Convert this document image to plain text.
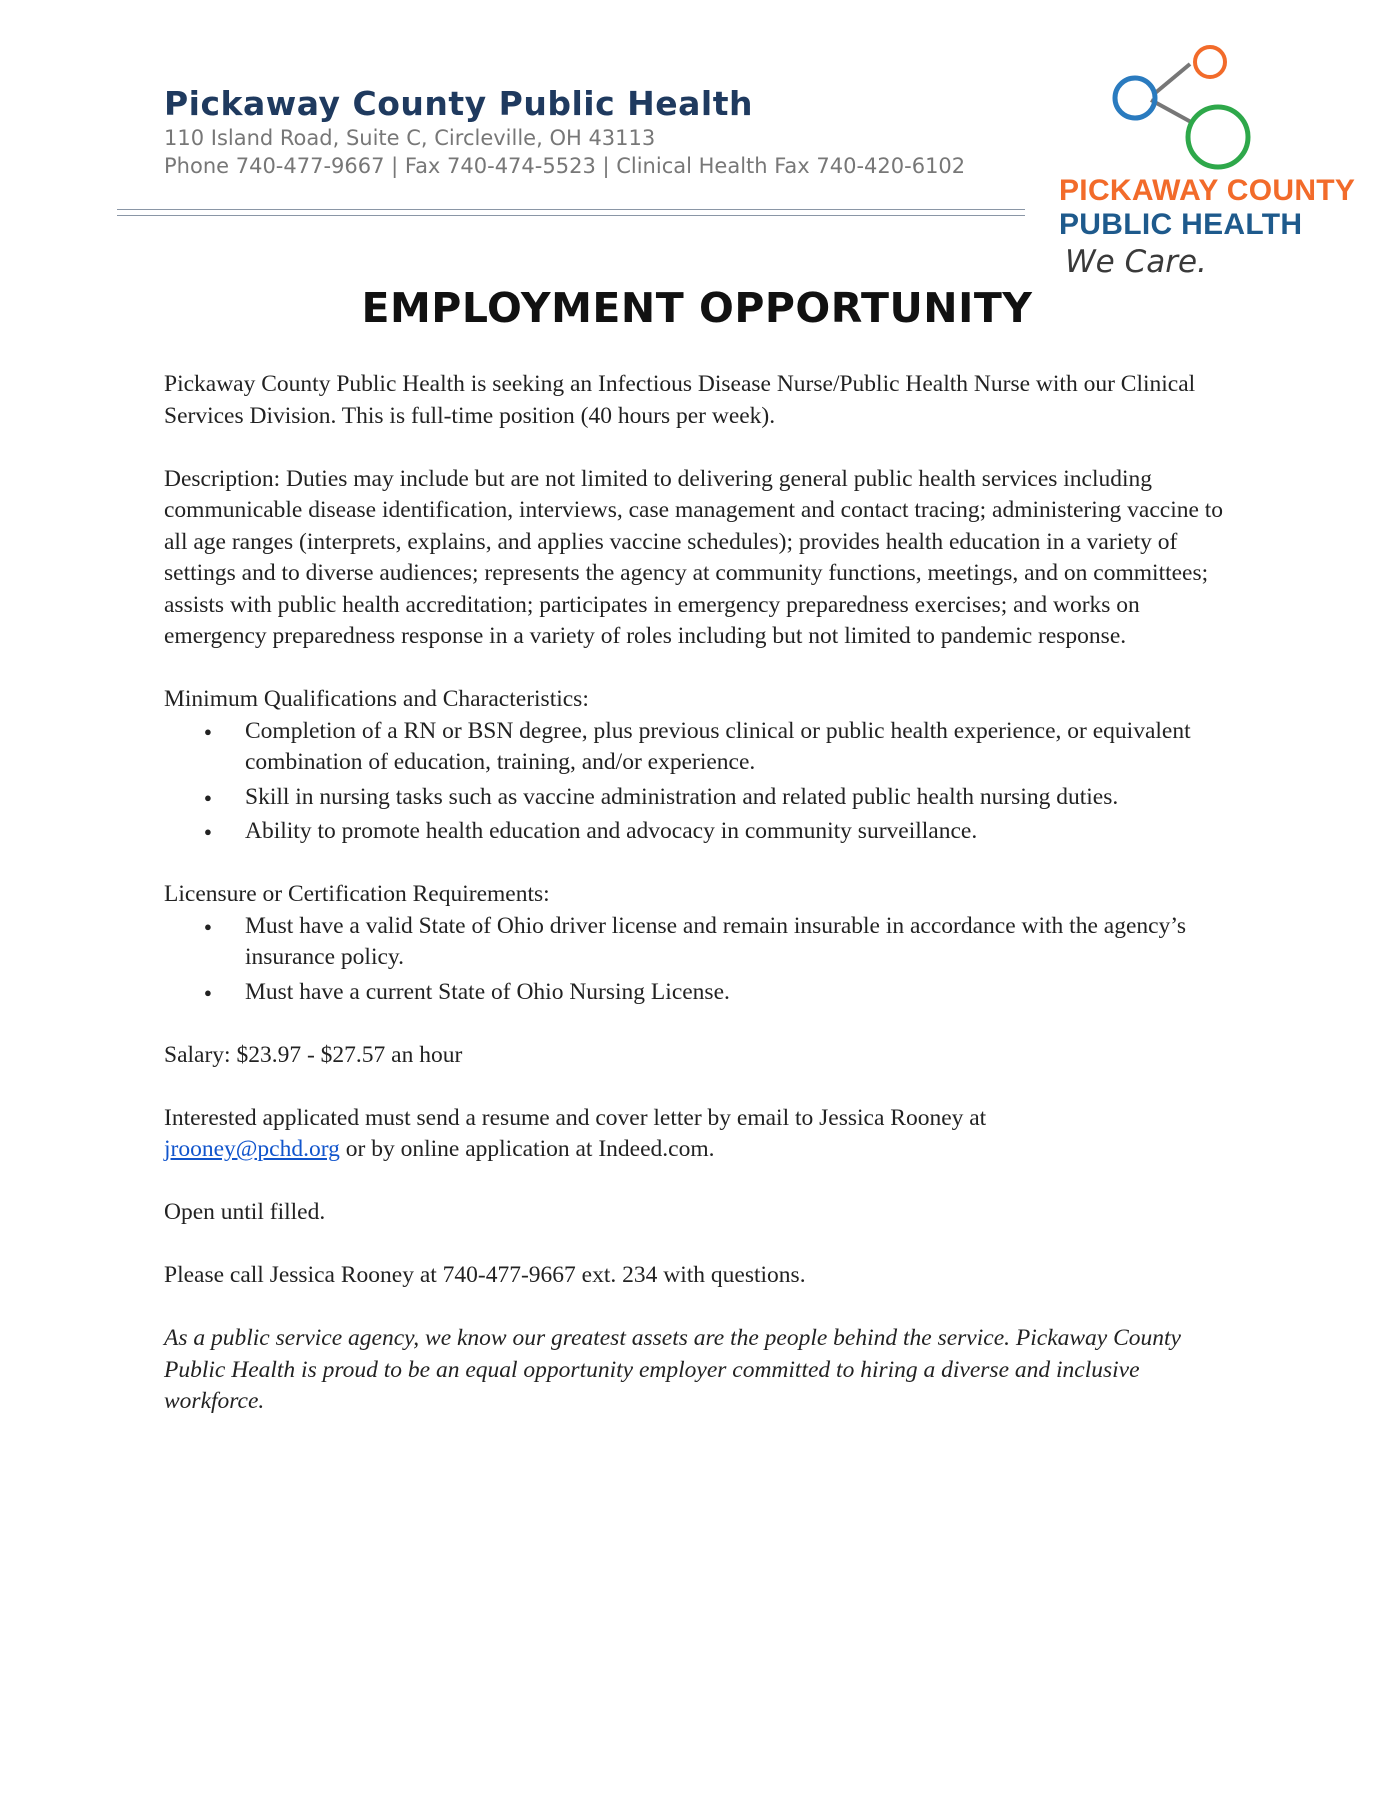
Pickaway County Public Health
110 Island Road, Suite C, Circleville, OH 43113
Phone 740-477-9667 | Fax 740-474-5523 | Clinical Health Fax 740-420-6102
PICKAWAY COUNTY
PUBLIC HEALTH
We Care.
EMPLOYMENT OPPORTUNITY

Pickaway County Public Health is seeking an Infectious Disease Nurse/Public Health Nurse with our Clinical Services Division. This is full-time position (40 hours per week).

Description: Duties may include but are not limited to delivering general public health services including communicable disease identification, interviews, case management and contact tracing; administering vaccine to all age ranges (interprets, explains, and applies vaccine schedules); provides health education in a variety of settings and to diverse audiences; represents the agency at community functions, meetings, and on committees; assists with public health accreditation; participates in emergency preparedness exercises; and works on emergency preparedness response in a variety of roles including but not limited to pandemic response.

Minimum Qualifications and Characteristics:

● Completion of a RN or BSN degree, plus previous clinical or public health experience, or equivalent combination of education, training, and/or experience.
● Skill in nursing tasks such as vaccine administration and related public health nursing duties.
● Ability to promote health education and advocacy in community surveillance.

Licensure or Certification Requirements:

● Must have a valid State of Ohio driver license and remain insurable in accordance with the agency’s insurance policy.
● Must have a current State of Ohio Nursing License.

Salary: $23.97 - $27.57 an hour

Interested applicated must send a resume and cover letter by email to Jessica Rooney at
jrooney@pchd.org or by online application at Indeed.com.

Open until filled.

Please call Jessica Rooney at 740-477-9667 ext. 234 with questions.

As a public service agency, we know our greatest assets are the people behind the service. Pickaway County Public Health is proud to be an equal opportunity employer committed to hiring a diverse and inclusive workforce.
